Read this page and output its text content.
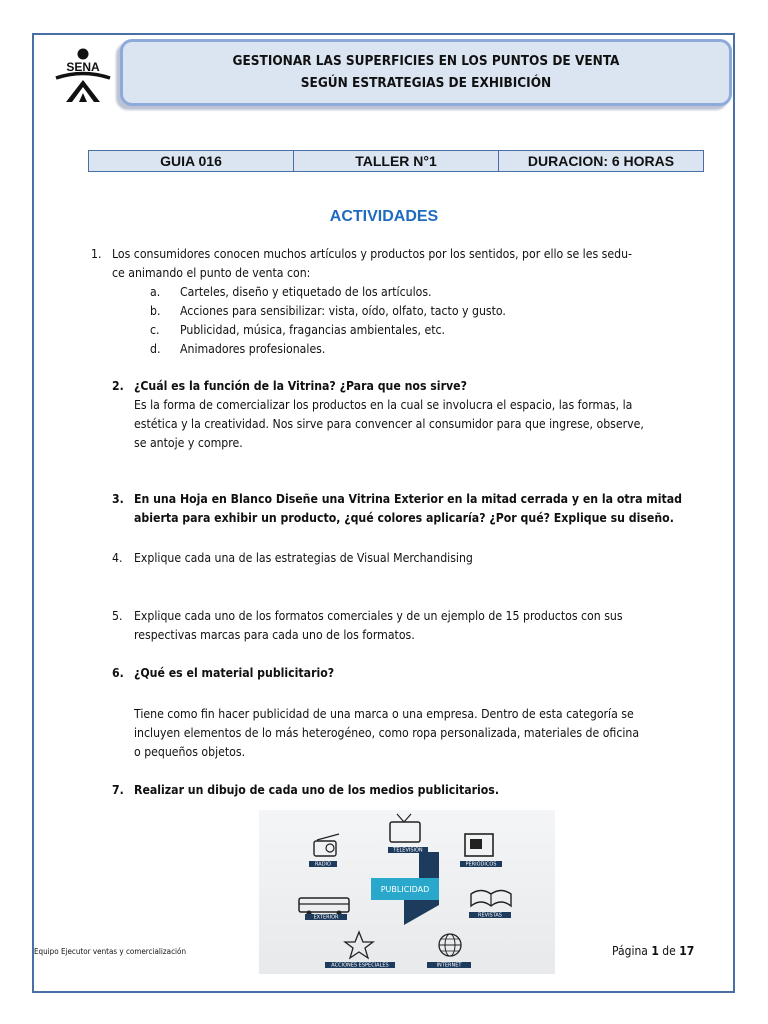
SENA	GESTIONAR LAS SUPERFICIES EN LOS PUNTOS DE VENTA
SEGÚN ESTRATEGIAS DE EXHIBICIÓN
GUIA 016	TALLER N°1	DURACION: 6 HORAS
ACTIVIDADES
1. Los consumidores conocen muchos artículos y productos por los sentidos, por ello se les sedu-
ce animando el punto de venta con:
a. Carteles, diseño y etiquetado de los artículos.
b. Acciones para sensibilizar: vista, oído, olfato, tacto y gusto.
c. Publicidad, música, fragancias ambientales, etc.
d. Animadores profesionales.
2. ¿Cuál es la función de la Vitrina? ¿Para que nos sirve?
Es la forma de comercializar los productos en la cual se involucra el espacio, las formas, la
estética y la creatividad. Nos sirve para convencer al consumidor para que ingrese, observe,
se antoje y compre.
3. En una Hoja en Blanco Diseñe una Vitrina Exterior en la mitad cerrada y en la otra mitad
abierta para exhibir un producto, ¿qué colores aplicaría? ¿Por qué? Explique su diseño.
4. Explique cada una de las estrategias de Visual Merchandising
5. Explique cada uno de los formatos comerciales y de un ejemplo de 15 productos con sus
respectivas marcas para cada uno de los formatos.
6. ¿Qué es el material publicitario?
Tiene como fin hacer publicidad de una marca o una empresa. Dentro de esta categoría se
incluyen elementos de lo más heterogéneo, como ropa personalizada, materiales de oficina
o pequeños objetos.
7. Realizar un dibujo de cada uno de los medios publicitarios.
PUBLICIDAD
RADIO
TELEVISIÓN
PERIÓDICOS
EXTERIOR	REVISTAS
ACCIONES ESPECIALES	INTERNET
Equipo Ejecutor ventas y comercialización	Página 1 de 17
